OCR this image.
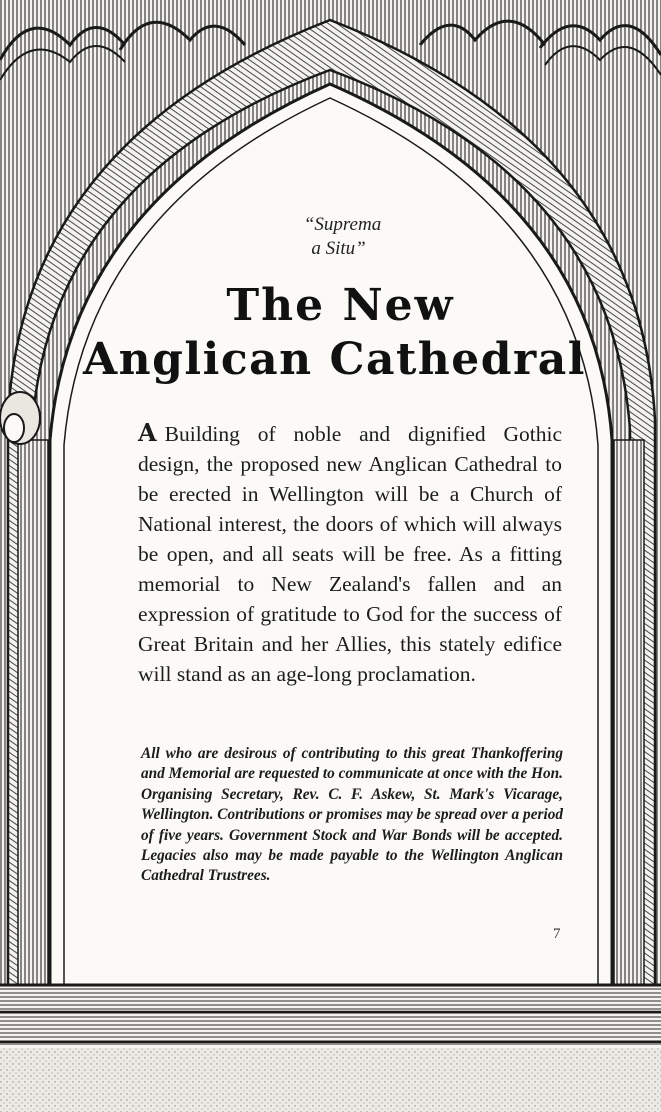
“Suprema
a Situ”
The New
Anglican Cathedral
A Building of noble and dignified Gothic design, the proposed new Anglican Cathedral to be erected in Wellington will be a Church of National interest, the doors of which will always be open, and all seats will be free. As a fitting memorial to New Zealand's fallen and an expression of gratitude to God for the success of Great Britain and her Allies, this stately edifice will stand as an age-long proclamation.
All who are desirous of contributing to this great Thankoffering and Memorial are requested to communicate at once with the Hon. Organising Secretary, Rev. C. F. Askew, St. Mark's Vicarage, Wellington. Contributions or promises may be spread over a period of five years. Government Stock and War Bonds will be accepted. Legacies also may be made payable to the Wellington Anglican Cathedral Trustrees.
7
